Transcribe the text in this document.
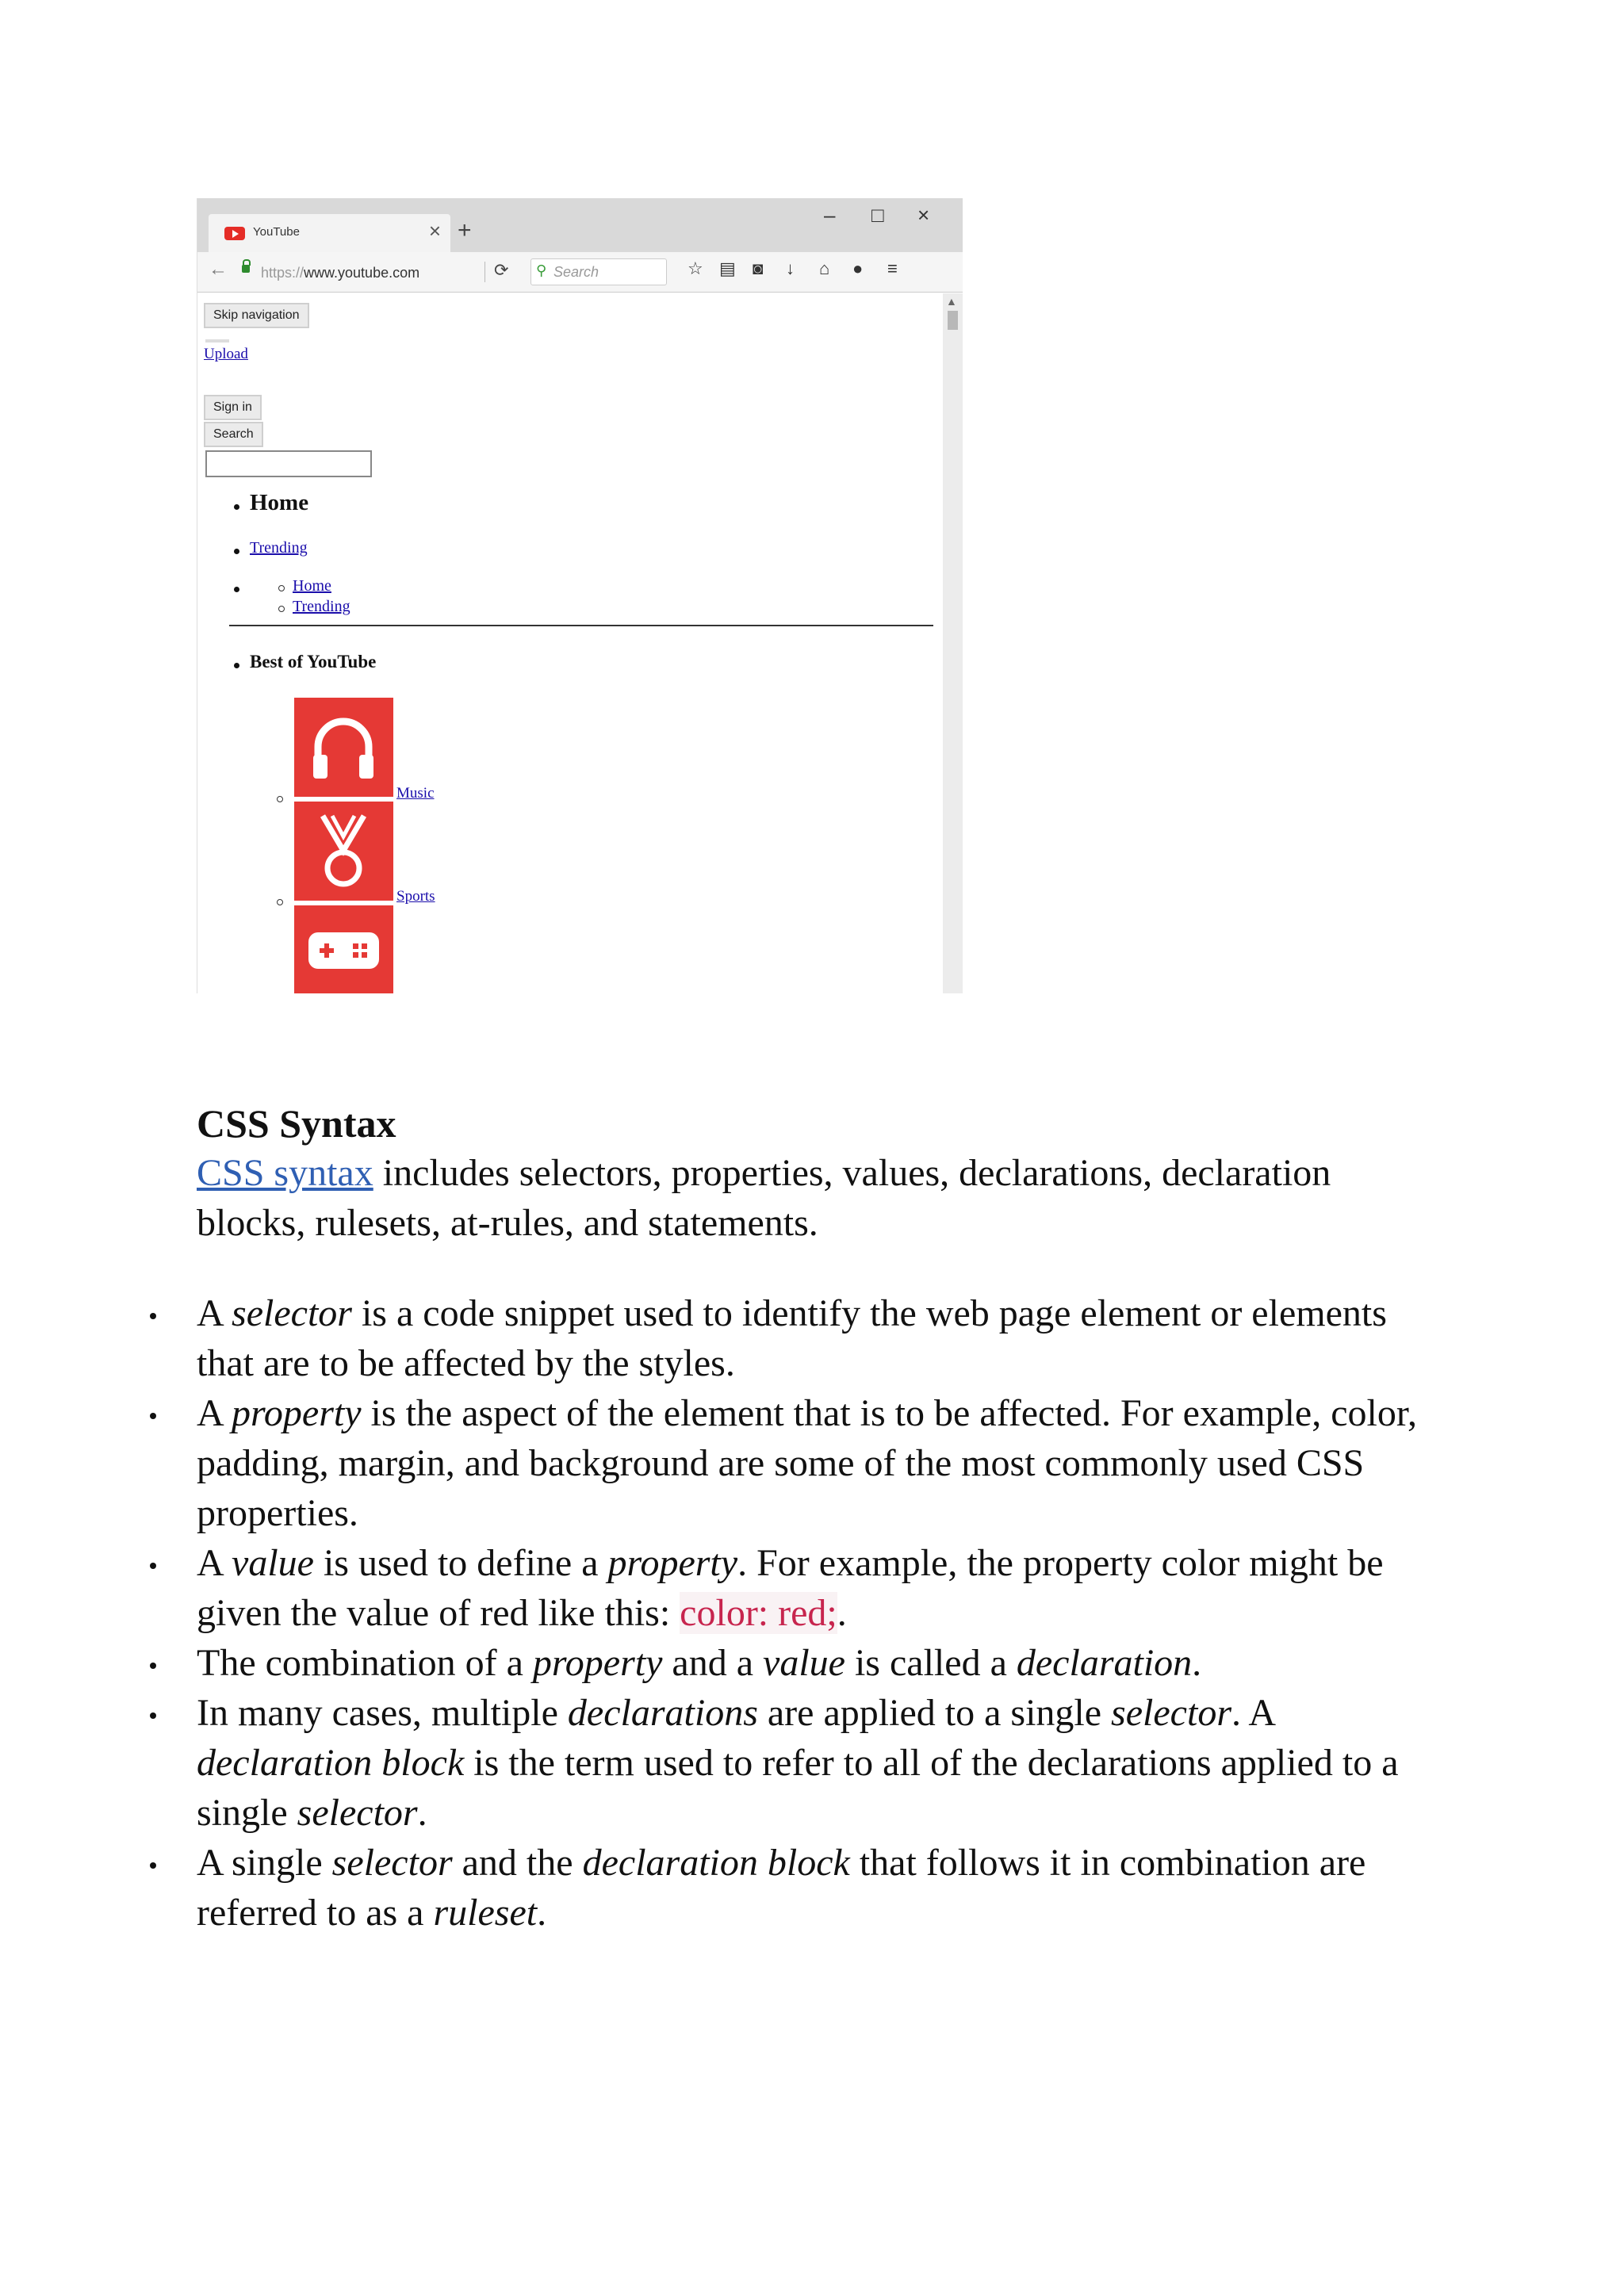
YouTube	× +
– □ ×
← https://www.youtube.com	⟳ ⚲ Search	☆ ▤ ◙ ↓ ⌂ ● ≡
▲
Skip navigation
Upload
Sign in
Search
Home
Trending
Home
Trending
Best of YouTube
Music
Sports
CSS Syntax
CSS syntax includes selectors, properties, values, declarations, declaration blocks, rulesets, at-rules, and statements.
A selector is a code snippet used to identify the web page element or elements that are to be affected by the styles.
A property is the aspect of the element that is to be affected. For example, color, padding, margin, and background are some of the most commonly used CSS properties.
A value is used to define a property. For example, the property color might be given the value of red like this: color: red;.
The combination of a property and a value is called a declaration.
In many cases, multiple declarations are applied to a single selector. A declaration block is the term used to refer to all of the declarations applied to a single selector.
A single selector and the declaration block that follows it in combination are referred to as a ruleset.
